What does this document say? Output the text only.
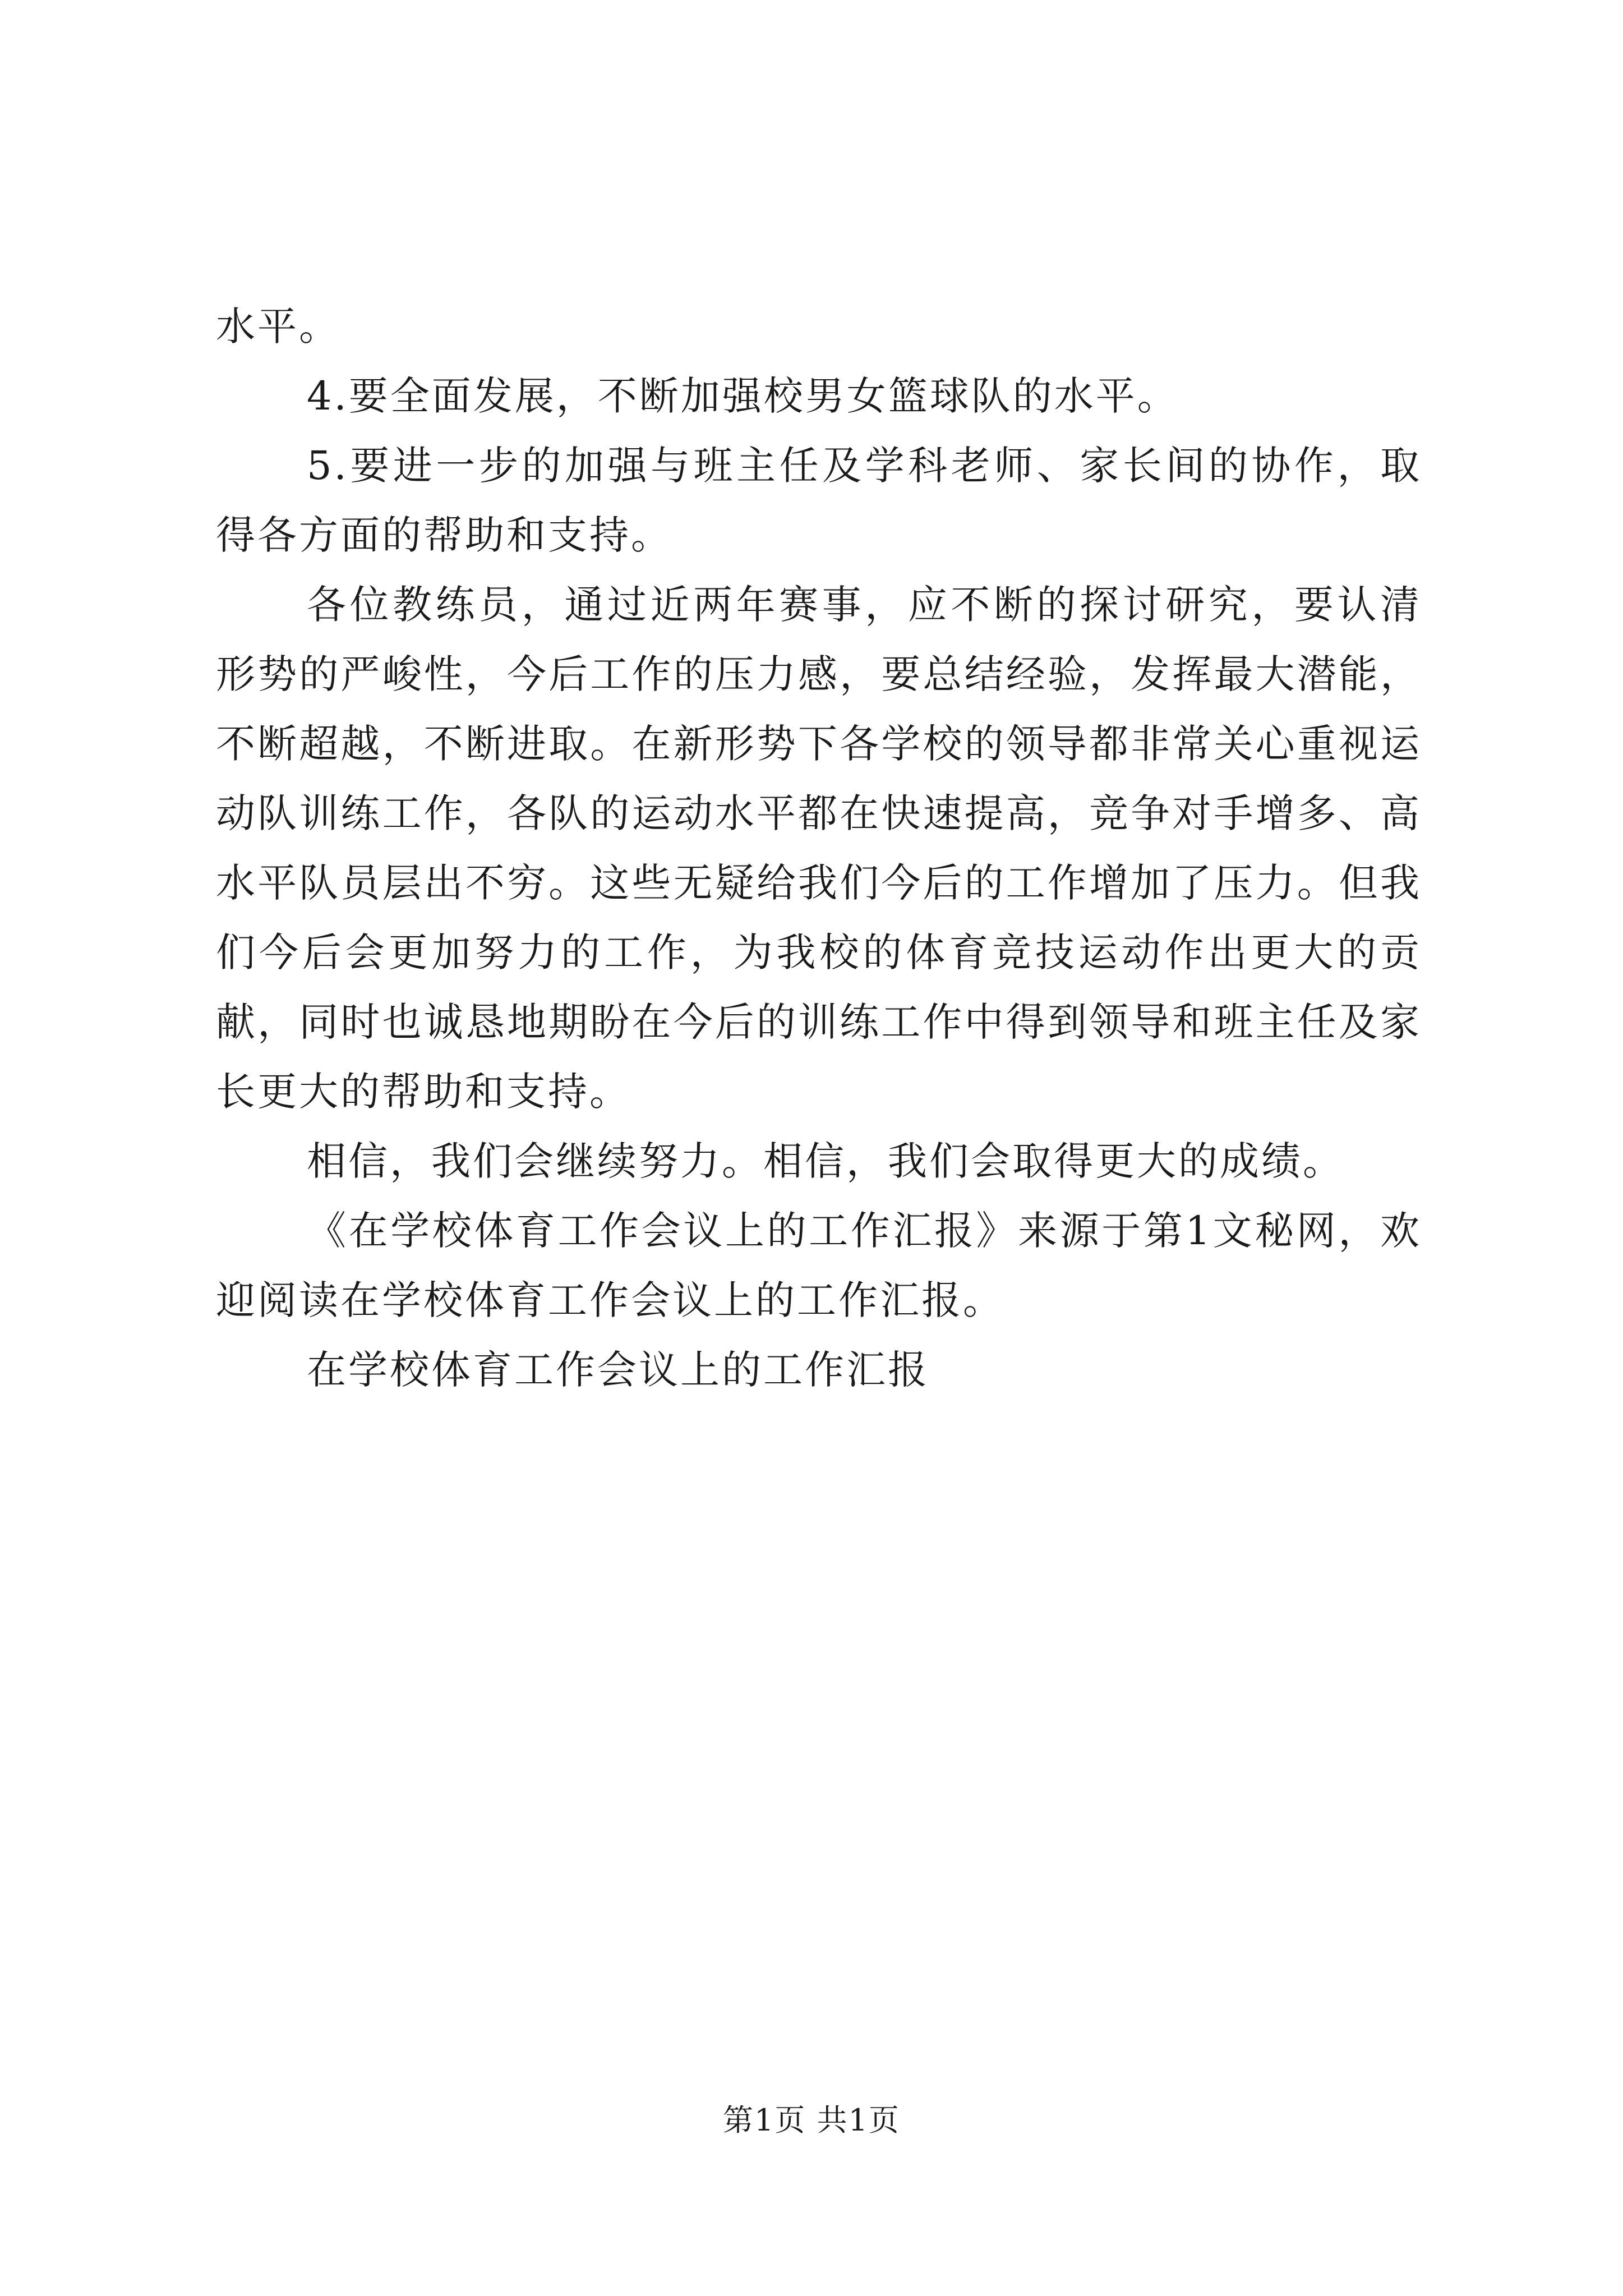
水平。

4.要全面发展，不断加强校男女篮球队的水平。

5.要进一步的加强与班主任及学科老师、家长间的协作，取得各方面的帮助和支持。

各位教练员，通过近两年赛事，应不断的探讨研究，要认清形势的严峻性，今后工作的压力感，要总结经验，发挥最大潜能，不断超越，不断进取。在新形势下各学校的领导都非常关心重视运动队训练工作，各队的运动水平都在快速提高，竞争对手增多、高水平队员层出不穷。这些无疑给我们今后的工作增加了压力。但我们今后会更加努力的工作，为我校的体育竞技运动作出更大的贡献，同时也诚恳地期盼在今后的训练工作中得到领导和班主任及家长更大的帮助和支持。

相信，我们会继续努力。相信，我们会取得更大的成绩。

《在学校体育工作会议上的工作汇报》来源于第1文秘网，欢迎阅读在学校体育工作会议上的工作汇报。

在学校体育工作会议上的工作汇报

第1页 共1页
